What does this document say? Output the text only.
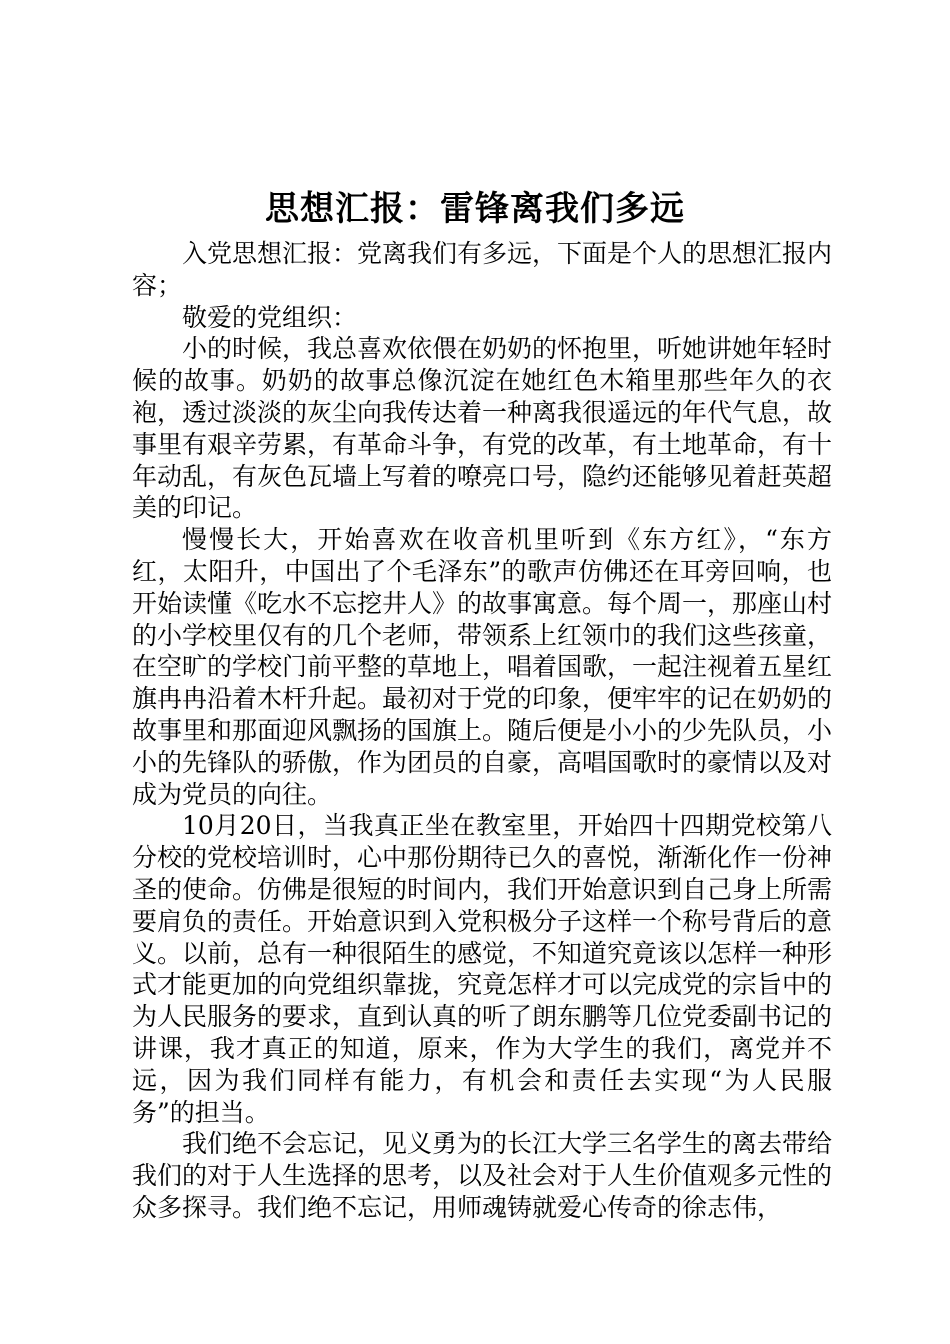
思想汇报：雷锋离我们多远

入党思想汇报：党离我们有多远，下面是个人的思想汇报内容；

敬爱的党组织：

小的时候，我总喜欢依偎在奶奶的怀抱里，听她讲她年轻时候的故事。奶奶的故事总像沉淀在她红色木箱里那些年久的衣袍，透过淡淡的灰尘向我传达着一种离我很遥远的年代气息，故事里有艰辛劳累，有革命斗争，有党的改革，有土地革命，有十年动乱，有灰色瓦墙上写着的嘹亮口号，隐约还能够见着赶英超美的印记。

慢慢长大，开始喜欢在收音机里听到《东方红》，“东方红，太阳升，中国出了个毛泽东”的歌声仿佛还在耳旁回响，也开始读懂《吃水不忘挖井人》的故事寓意。每个周一，那座山村的小学校里仅有的几个老师，带领系上红领巾的我们这些孩童，在空旷的学校门前平整的草地上，唱着国歌，一起注视着五星红旗冉冉沿着木杆升起。最初对于党的印象，便牢牢的记在奶奶的故事里和那面迎风飘扬的国旗上。随后便是小小的少先队员，小小的先锋队的骄傲，作为团员的自豪，高唱国歌时的豪情以及对成为党员的向往。

10月20日，当我真正坐在教室里，开始四十四期党校第八分校的党校培训时，心中那份期待已久的喜悦，渐渐化作一份神圣的使命。仿佛是很短的时间内，我们开始意识到自己身上所需要肩负的责任。开始意识到入党积极分子这样一个称号背后的意义。以前，总有一种很陌生的感觉，不知道究竟该以怎样一种形式才能更加的向党组织靠拢，究竟怎样才可以完成党的宗旨中的为人民服务的要求，直到认真的听了朗东鹏等几位党委副书记的讲课，我才真正的知道，原来，作为大学生的我们，离党并不远，因为我们同样有能力，有机会和责任去实现“为人民服务”的担当。

我们绝不会忘记，见义勇为的长江大学三名学生的离去带给我们的对于人生选择的思考，以及社会对于人生价值观多元性的众多探寻。我们绝不忘记，用师魂铸就爱心传奇的徐志伟，
